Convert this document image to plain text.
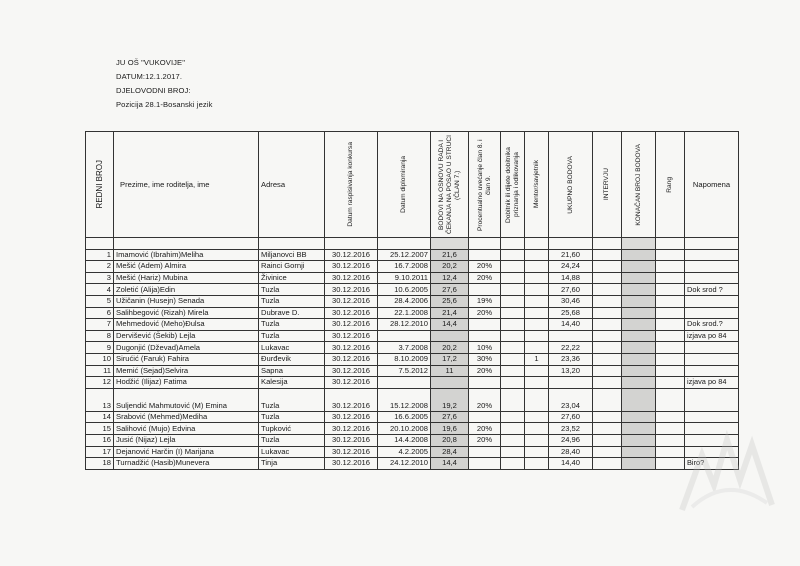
JU OŠ "VUKOVIJE"
DATUM:12.1.2017.
DJELOVODNI BROJ:
Pozicija 28.1-Bosanski jezik
REDNI BROJ	Prezime, ime roditelja, ime	Adresa	Datum raspisivanja konkursa	Datum diplomiranja	BODOVI NA OSNOVU RADA I ČEKANJA NA POSAO U STRUCI (ČLAN 7.)	Procentualno uvećanje član 8. i član 9.	Dobitnik ili dijete dobitnika priznanja i odlikovanja	Mentor/savjetnik	UKUPNO BODOVA	INTERVJU	KONAČAN BROJ BODOVA	Rang	Napomena

1	Imamović (Ibrahim)Meliha	Miljanovci BB	30.12.2016	25.12.2007	21,6				21,60				
2	Mešić (Adem) Almira	Rainci Gornji	30.12.2016	16.7.2008	20,2	20%			24,24				
3	Mešić (Hariz) Mubina	Živinice	30.12.2016	9.10.2011	12,4	20%			14,88				
4	Zoletić (Alija)Edin	Tuzla	30.12.2016	10.6.2005	27,6				27,60				Dok srod ?
5	Užičanin (Husejn) Senada	Tuzla	30.12.2016	28.4.2006	25,6	19%			30,46				
6	Salihbegović (Rizah) Mirela	Dubrave D.	30.12.2016	22.1.2008	21,4	20%			25,68				
7	Mehmedović (Meho)Đulsa	Tuzla	30.12.2016	28.12.2010	14,4				14,40				Dok srod.?
8	Dervišević (Šekib) Lejla	Tuzla	30.12.2016										izjava po 84
9	Dugonjić (Dževad)Amela	Lukavac	30.12.2016	3.7.2008	20,2	10%			22,22				
10	Sirućić (Faruk) Fahira	Đurđevik	30.12.2016	8.10.2009	17,2	30%		1	23,36				
11	Memić (Sejad)Selvira	Sapna	30.12.2016	7.5.2012	11	20%			13,20				
12	Hodžić (Ilijaz) Fatima	Kalesija	30.12.2016										izjava po 84
13	Suljendić Mahmutović (M) Emina	Tuzla	30.12.2016	15.12.2008	19,2	20%			23,04				
14	Srabović (Mehmed)Mediha	Tuzla	30.12.2016	16.6.2005	27,6				27,60				
15	Salihović (Mujo) Edvina	Tupković	30.12.2016	20.10.2008	19,6	20%			23,52				
16	Jusić (Nijaz) Lejla	Tuzla	30.12.2016	14.4.2008	20,8	20%			24,96				
17	Dejanović Harčin (I) Marijana	Lukavac	30.12.2016	4.2.2005	28,4				28,40				
18	Turnadžić (Hasib)Munevera	Tinja	30.12.2016	24.12.2010	14,4				14,40				Biro?
